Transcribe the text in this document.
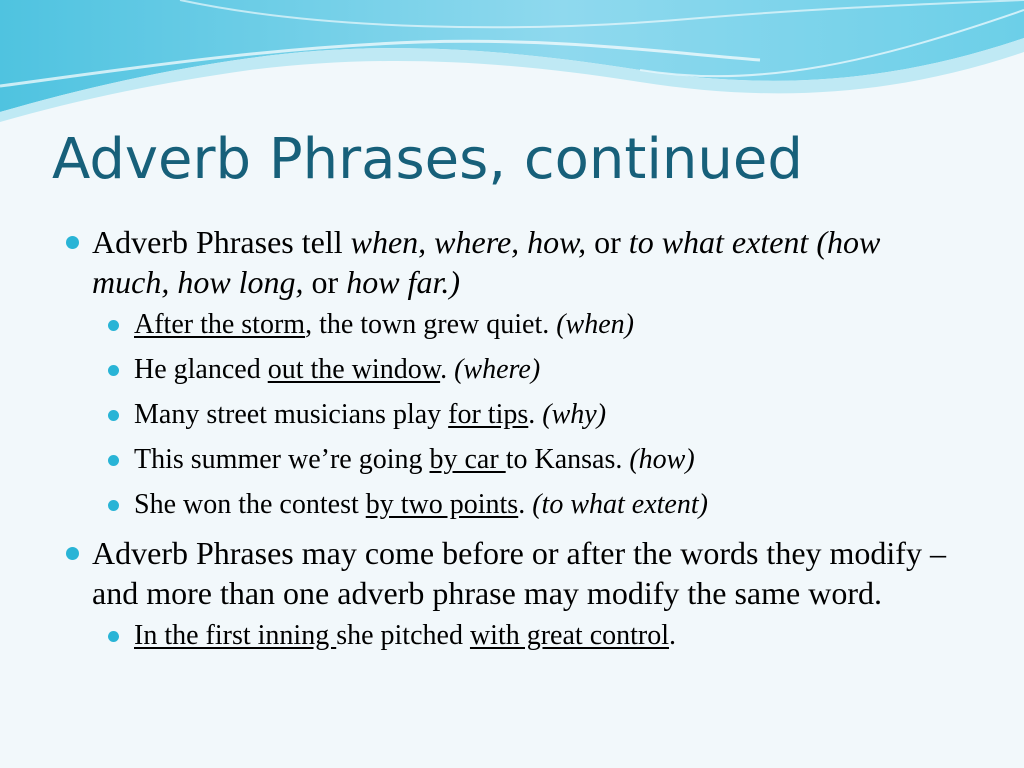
Adverb Phrases, continued
Adverb Phrases tell when, where, how, or to what extent (how much, how long, or how far.)
After the storm, the town grew quiet. (when)
He glanced out the window. (where)
Many street musicians play for tips. (why)
This summer we’re going by car to Kansas. (how)
She won the contest by two points. (to what extent)
Adverb Phrases may come before or after the words they modify – and more than one adverb phrase may modify the same word.
In the first inning she pitched with great control.
